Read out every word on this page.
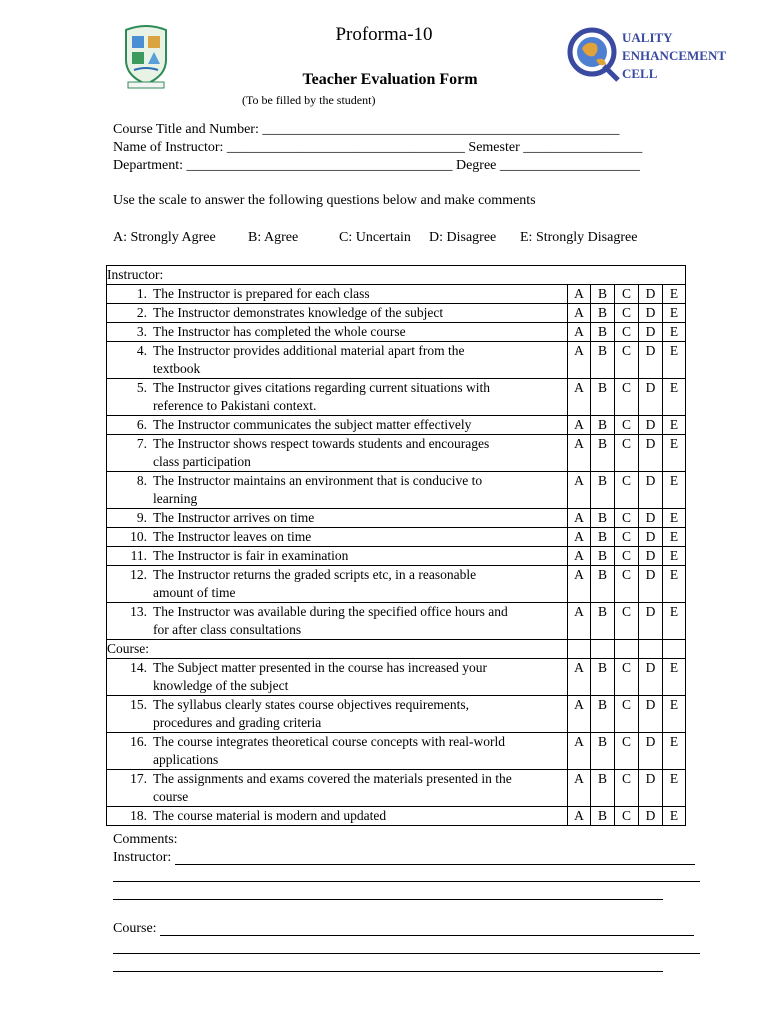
UALITY
ENHANCEMENT
CELL
Proforma-10
Teacher Evaluation Form
(To be filled by the student)
Course Title and Number: ___________________________________________________
Name of Instructor: __________________________________ Semester _________________
Department: ______________________________________ Degree ____________________
Use the scale to answer the following questions below and make comments
A: Strongly Agree B: Agree	C: Uncertain D: Disagree E: Strongly Disagree
Instructor:					

1. The Instructor is prepared for each class	A	B	C	D	E

2. The Instructor demonstrates knowledge of the subject	A	B	C	D	E

3. The Instructor has completed the whole course	A	B	C	D	E

4. The Instructor provides additional material apart from the
textbook	A	B	C	D	E

5. The Instructor gives citations regarding current situations with
reference to Pakistani context.	A	B	C	D	E

6. The Instructor communicates the subject matter effectively	A	B	C	D	E

7. The Instructor shows respect towards students and encourages
class participation	A	B	C	D	E

8. The Instructor maintains an environment that is conducive to
learning	A	B	C	D	E

9. The Instructor arrives on time	A	B	C	D	E

10. The Instructor leaves on time	A	B	C	D	E

11. The Instructor is fair in examination	A	B	C	D	E

12. The Instructor returns the graded scripts etc, in a reasonable
amount of time	A	B	C	D	E

13. The Instructor was available during the specified office hours and
for after class consultations	A	B	C	D	E
Course:					

14. The Subject matter presented in the course has increased your
knowledge of the subject	A	B	C	D	E

15. The syllabus clearly states course objectives requirements,
procedures and grading criteria	A	B	C	D	E

16. The course integrates theoretical course concepts with real-world
applications	A	B	C	D	E

17. The assignments and exams covered the materials presented in the
course	A	B	C	D	E

18. The course material is modern and updated	A	B	C	D	E
Comments:
Instructor:
Course:
